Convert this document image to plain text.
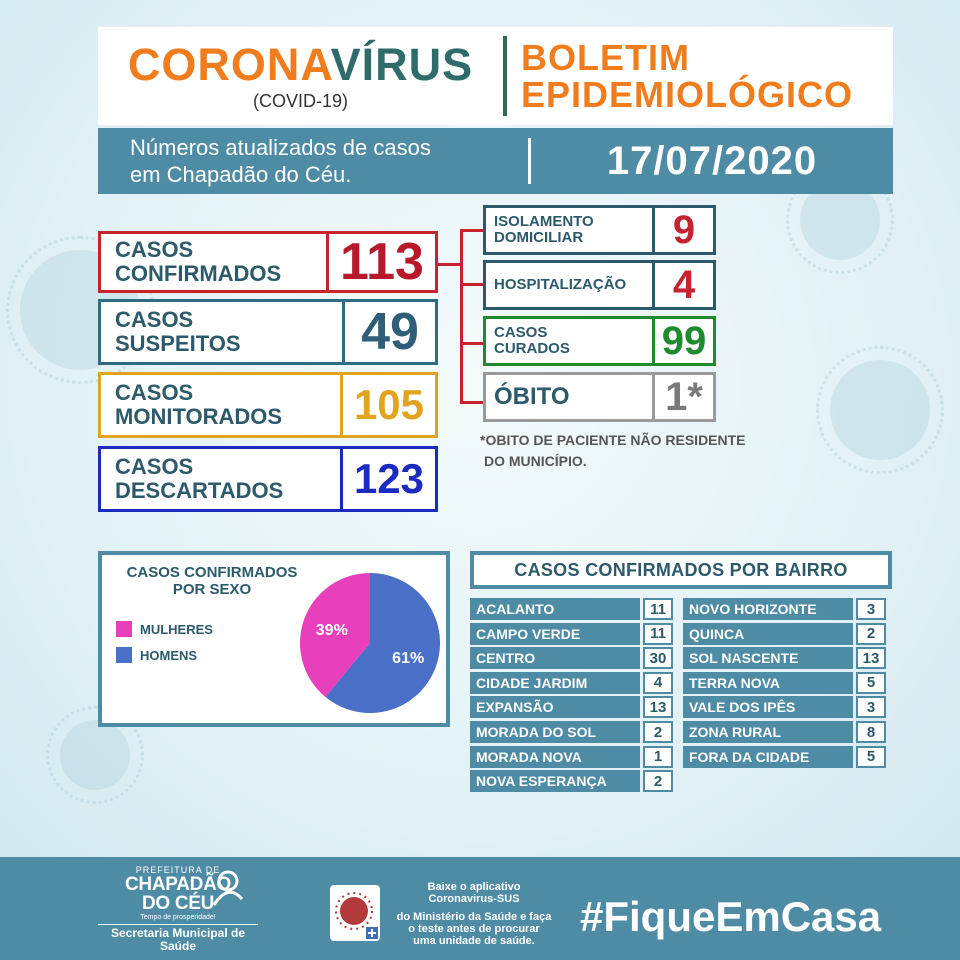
CORONAVÍRUS
(COVID-19)
BOLETIM
EPIDEMIOLÓGICO
Números atualizados de casos
em Chapadão do Céu.	17/07/2020
CASOS
CONFIRMADOS 113
CASOS
SUSPEITOS	49
CASOS
MONITORADOS 105
CASOS
DESCARTADOS 123
ISOLAMENTO
DOMICILIAR	9
HOSPITALIZAÇÃO	4
CASOS
CURADOS 99
ÓBITO	1*
*OBITO DE PACIENTE NÃO RESIDENTE
DO MUNICÍPIO.
CASOS CONFIRMADOS
POR SEXO
MULHERES
HOMENS	61%
39%
CASOS CONFIRMADOS POR BAIRRO
ACALANTO	11
CAMPO VERDE	11
CENTRO	30
CIDADE JARDIM	4
EXPANSÃO	13
MORADA DO SOL	2
MORADA NOVA	1
NOVA ESPERANÇA	2
NOVO HORIZONTE	3
QUINCA	2
SOL NASCENTE	13
TERRA NOVA	5
VALE DOS IPÊS	3
ZONA RURAL	8
FORA DA CIDADE	5
PREFEITURA DE
CHAPADÃO
DO CÉU
Tempo de prosperidade!
Secretaria Municipal de
Saúde
Baixe o aplicativo
Coronavirus-SUS
do Ministério da Saúde e faça
o teste antes de procurar
uma unidade de saúde.
#FiqueEmCasa
